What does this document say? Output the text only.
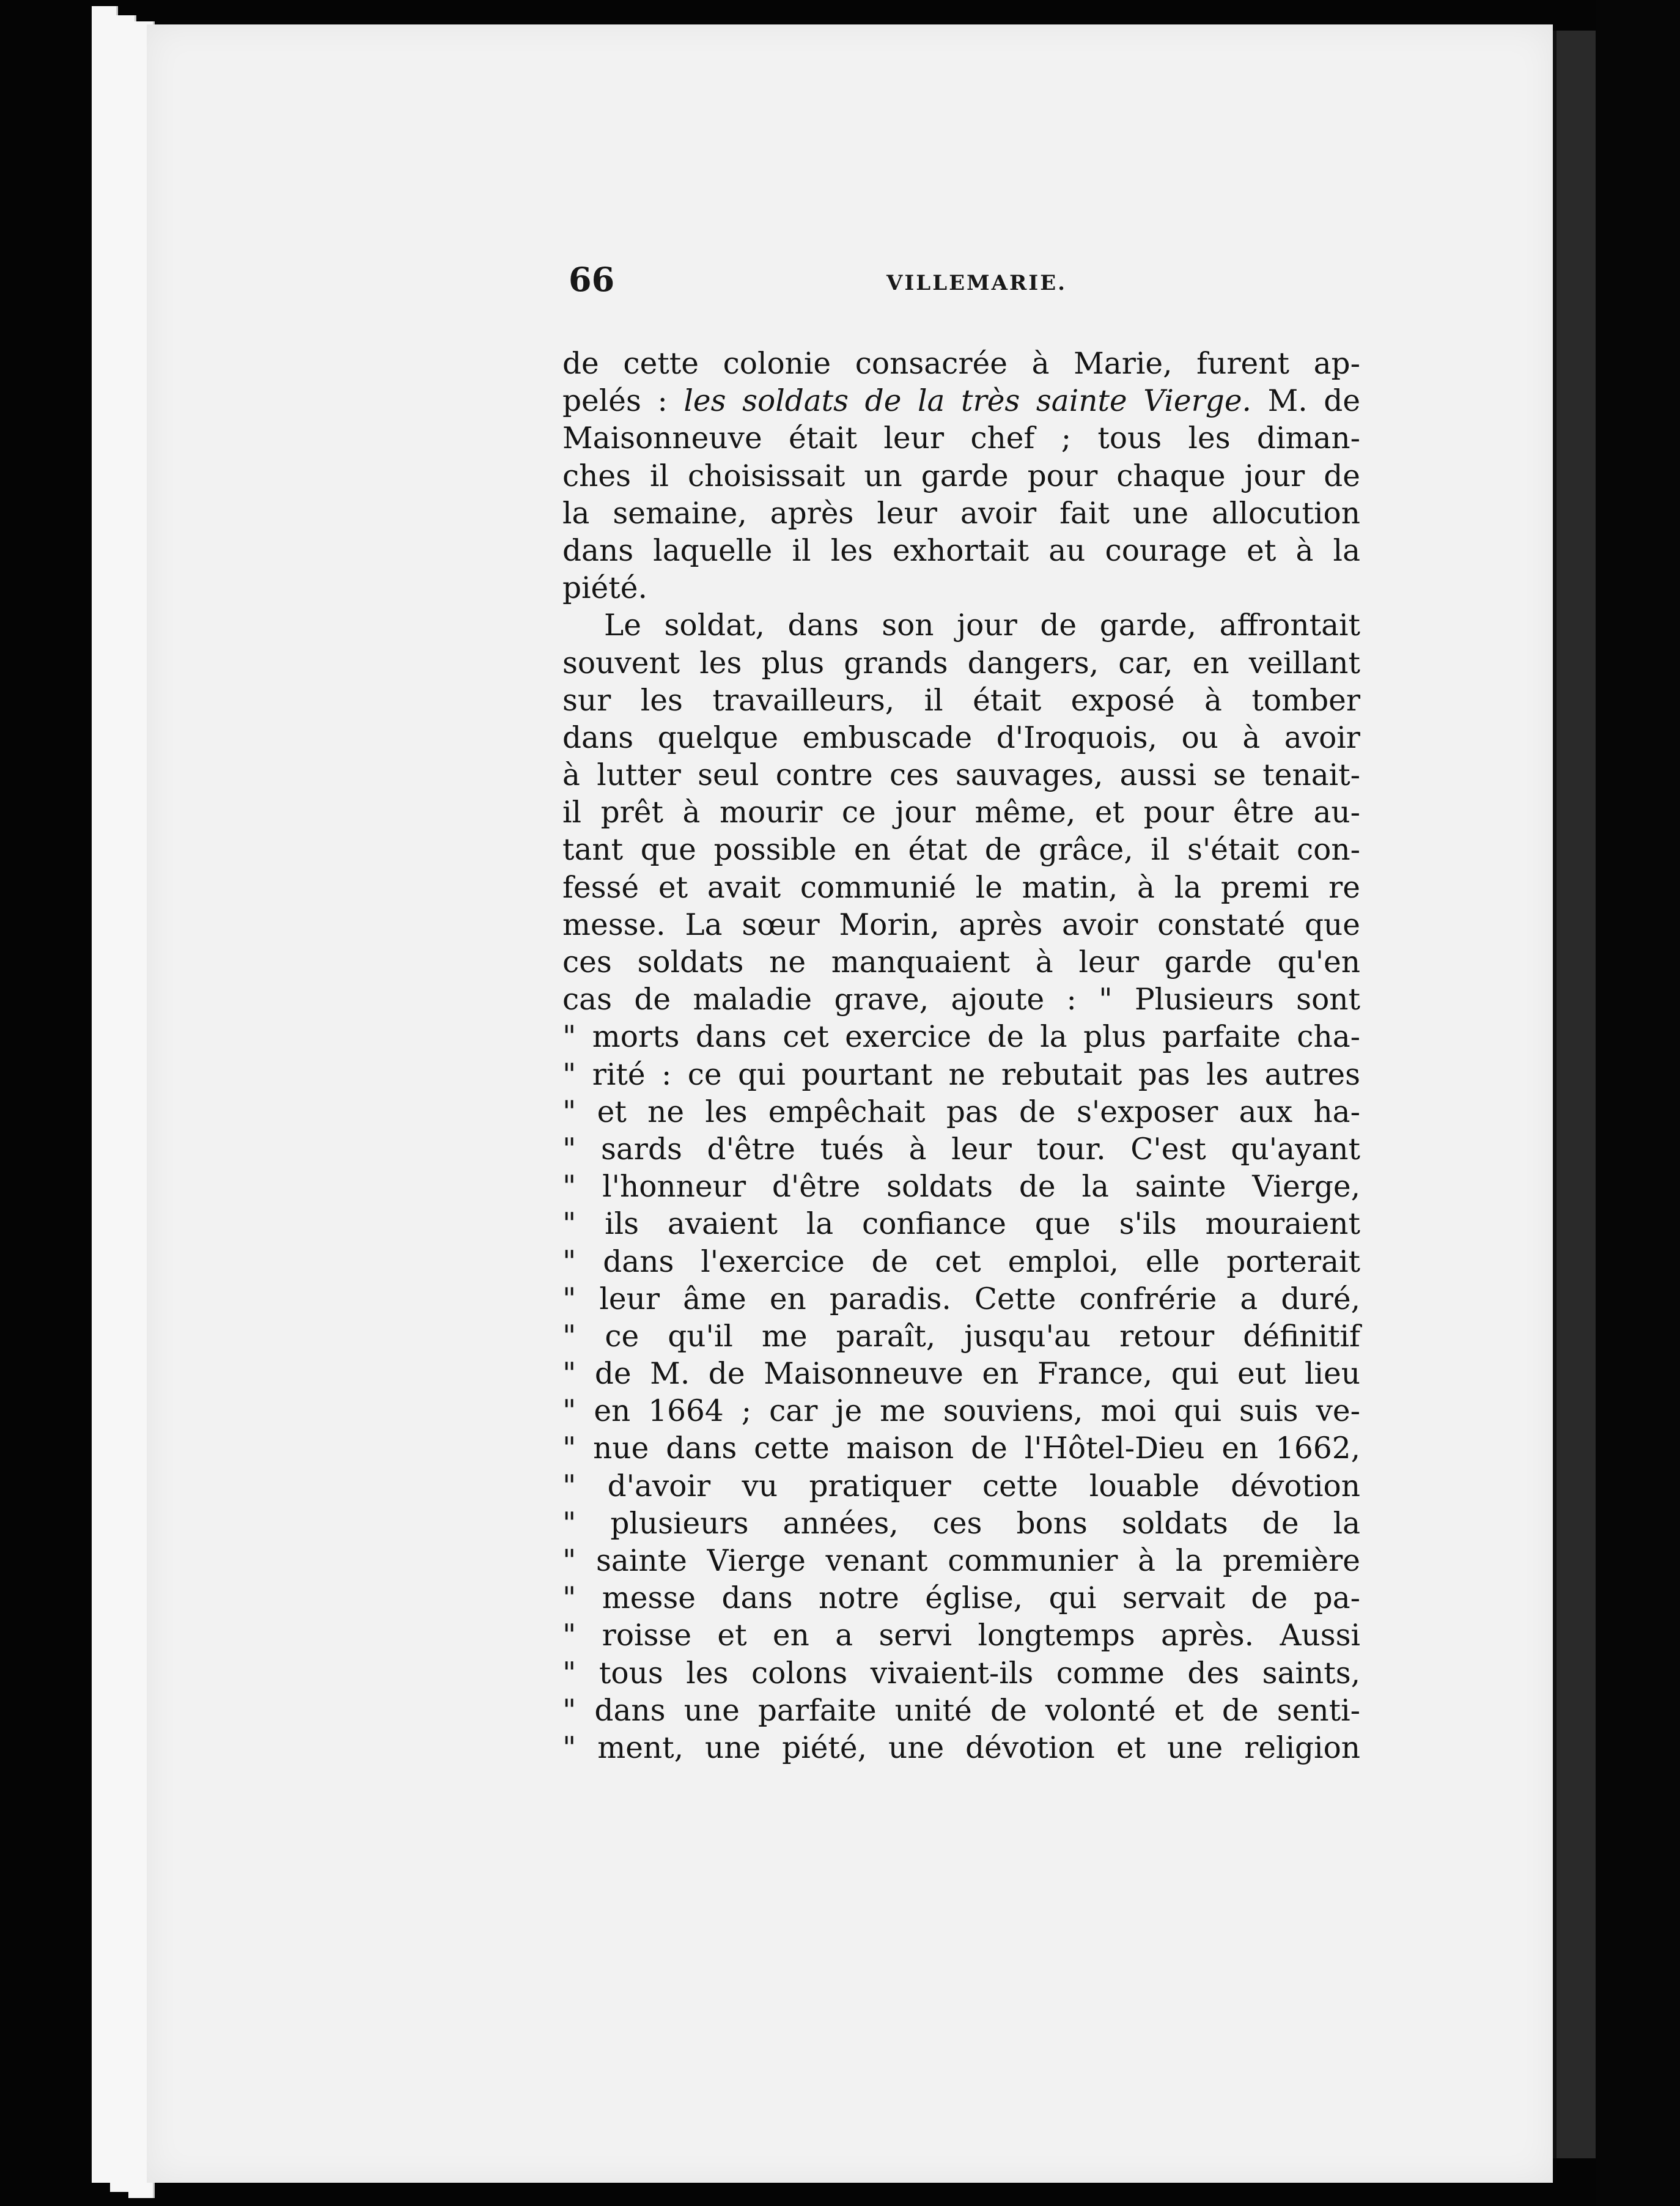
66	VILLEMARIE.
de cette colonie consacrée à Marie, furent ap-
pelés : les soldats de la très sainte Vierge. M. de
Maisonneuve était leur chef ; tous les diman-
ches il choisissait un garde pour chaque jour de
la semaine, après leur avoir fait une allocution
dans laquelle il les exhortait au courage et à la
piété.
Le soldat, dans son jour de garde, affrontait
souvent les plus grands dangers, car, en veillant
sur les travailleurs, il était exposé à tomber
dans quelque embuscade d'Iroquois, ou à avoir
à lutter seul contre ces sauvages, aussi se tenait-
il prêt à mourir ce jour même, et pour être au-
tant que possible en état de grâce, il s'était con-
fessé et avait communié le matin, à la premi re
messe. La sœur Morin, après avoir constaté que
ces soldats ne manquaient à leur garde qu'en
cas de maladie grave, ajoute : " Plusieurs sont
" morts dans cet exercice de la plus parfaite cha-
" rité : ce qui pourtant ne rebutait pas les autres
" et ne les empêchait pas de s'exposer aux ha-
" sards d'être tués à leur tour. C'est qu'ayant
" l'honneur d'être soldats de la sainte Vierge,
" ils avaient la confiance que s'ils mouraient
" dans l'exercice de cet emploi, elle porterait
" leur âme en paradis. Cette confrérie a duré,
" ce qu'il me paraît, jusqu'au retour définitif
" de M. de Maisonneuve en France, qui eut lieu
" en 1664 ; car je me souviens, moi qui suis ve-
" nue dans cette maison de l'Hôtel-Dieu en 1662,
" d'avoir vu pratiquer cette louable dévotion
" plusieurs années, ces bons soldats de la
" sainte Vierge venant communier à la première
" messe dans notre église, qui servait de pa-
" roisse et en a servi longtemps après. Aussi
" tous les colons vivaient-ils comme des saints,
" dans une parfaite unité de volonté et de senti-
" ment, une piété, une dévotion et une religion
